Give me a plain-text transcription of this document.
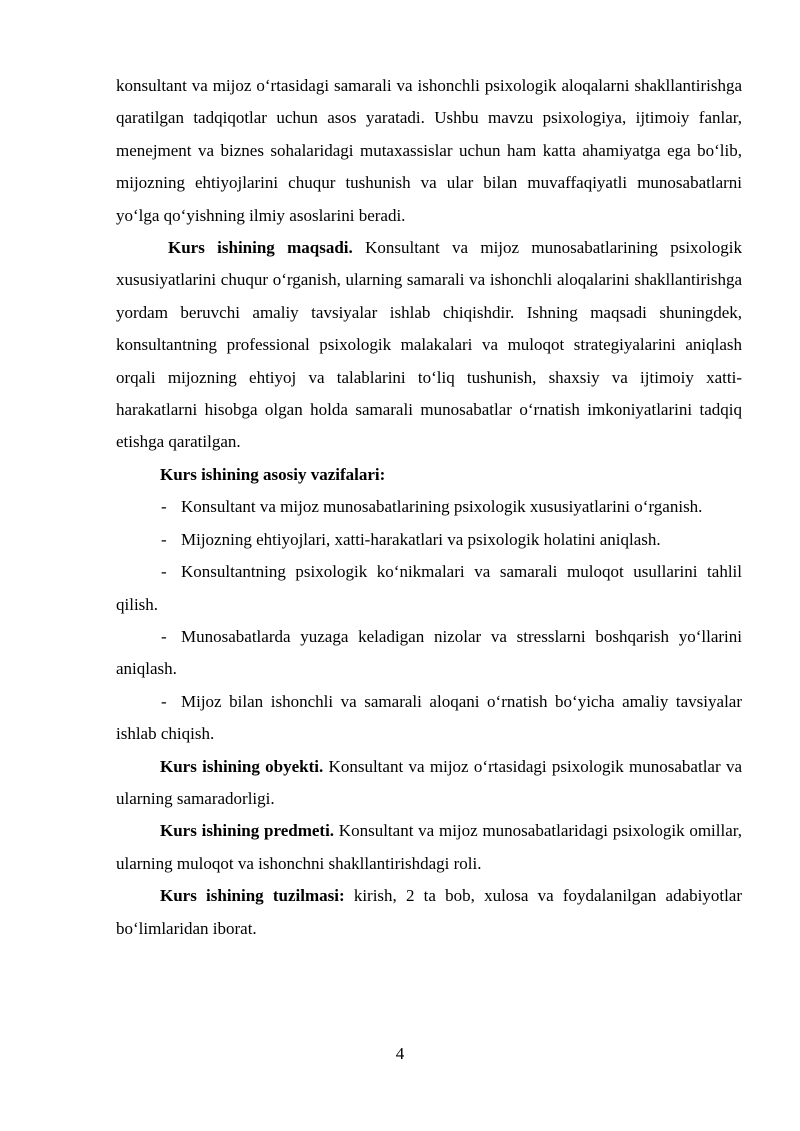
konsultant va mijoz o‘rtasidagi samarali va ishonchli psixologik aloqalarni shakllantirishga qaratilgan tadqiqotlar uchun asos yaratadi. Ushbu mavzu psixologiya, ijtimoiy fanlar, menejment va biznes sohalaridagi mutaxassislar uchun ham katta ahamiyatga ega bo‘lib, mijozning ehtiyojlarini chuqur tushunish va ular bilan muvaffaqiyatli munosabatlarni yo‘lga qo‘yishning ilmiy asoslarini beradi.

Kurs ishining maqsadi. Konsultant va mijoz munosabatlarining psixologik xususiyatlarini chuqur o‘rganish, ularning samarali va ishonchli aloqalarini shakllantirishga yordam beruvchi amaliy tavsiyalar ishlab chiqishdir. Ishning maqsadi shuningdek, konsultantning professional psixologik malakalari va muloqot strategiyalarini aniqlash orqali mijozning ehtiyoj va talablarini to‘liq tushunish, shaxsiy va ijtimoiy xatti-harakatlarni hisobga olgan holda samarali munosabatlar o‘rnatish imkoniyatlarini tadqiq etishga qaratilgan.

Kurs ishining asosiy vazifalari:

- Konsultant va mijoz munosabatlarining psixologik xususiyatlarini o‘rganish.

- Mijozning ehtiyojlari, xatti-harakatlari va psixologik holatini aniqlash.

- Konsultantning psixologik ko‘nikmalari va samarali muloqot usullarini tahlil qilish.

- Munosabatlarda yuzaga keladigan nizolar va stresslarni boshqarish yo‘llarini aniqlash.

- Mijoz bilan ishonchli va samarali aloqani o‘rnatish bo‘yicha amaliy tavsiyalar ishlab chiqish.

Kurs ishining obyekti. Konsultant va mijoz o‘rtasidagi psixologik munosabatlar va ularning samaradorligi.

Kurs ishining predmeti. Konsultant va mijoz munosabatlaridagi psixologik omillar, ularning muloqot va ishonchni shakllantirishdagi roli.

Kurs ishining tuzilmasi: kirish, 2 ta bob, xulosa va foydalanilgan adabiyotlar bo‘limlaridan iborat.

4
